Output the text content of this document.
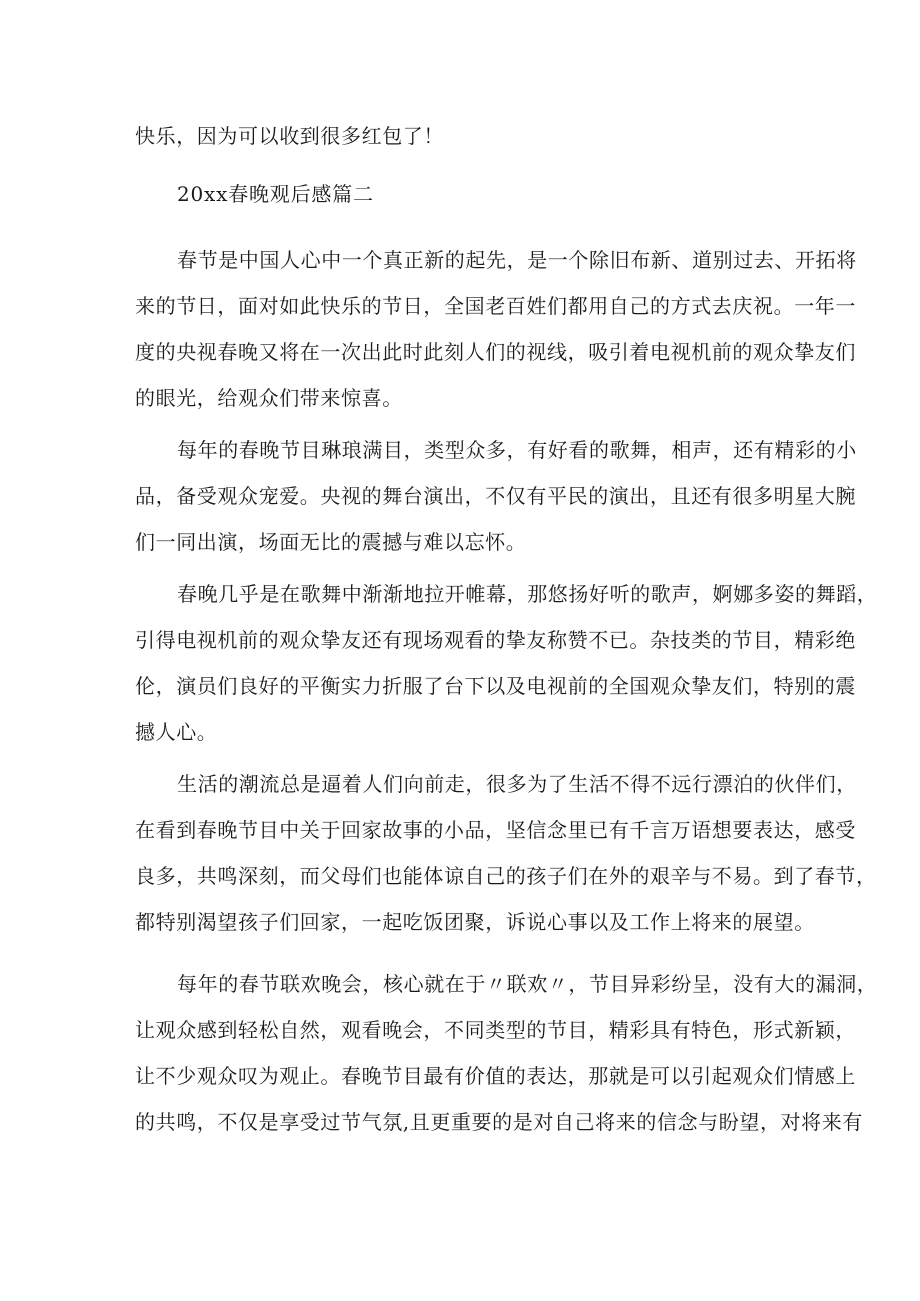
快乐，因为可以收到很多红包了！
20xx春晚观后感篇二
春节是中国人心中一个真正新的起先，是一个除旧布新、道别过去、开拓将
来的节日，面对如此快乐的节日，全国老百姓们都用自己的方式去庆祝。一年一
度的央视春晚又将在一次出此时此刻人们的视线，吸引着电视机前的观众挚友们
的眼光，给观众们带来惊喜。
每年的春晚节目琳琅满目，类型众多，有好看的歌舞，相声，还有精彩的小
品，备受观众宠爱。央视的舞台演出，不仅有平民的演出，且还有很多明星大腕
们一同出演，场面无比的震撼与难以忘怀。
春晚几乎是在歌舞中渐渐地拉开帷幕，那悠扬好听的歌声，婀娜多姿的舞蹈，
引得电视机前的观众挚友还有现场观看的挚友称赞不已。杂技类的节目，精彩绝
伦，演员们良好的平衡实力折服了台下以及电视前的全国观众挚友们，特别的震
撼人心。
生活的潮流总是逼着人们向前走，很多为了生活不得不远行漂泊的伙伴们，
在看到春晚节目中关于回家故事的小品，坚信念里已有千言万语想要表达，感受
良多，共鸣深刻，而父母们也能体谅自己的孩子们在外的艰辛与不易。到了春节，
都特别渴望孩子们回家，一起吃饭团聚，诉说心事以及工作上将来的展望。
每年的春节联欢晚会，核心就在于〃联欢〃，节目异彩纷呈，没有大的漏洞，
让观众感到轻松自然，观看晚会，不同类型的节目，精彩具有特色，形式新颖，
让不少观众叹为观止。春晚节目最有价值的表达，那就是可以引起观众们情感上
的共鸣，不仅是享受过节气氛,且更重要的是对自己将来的信念与盼望，对将来有
